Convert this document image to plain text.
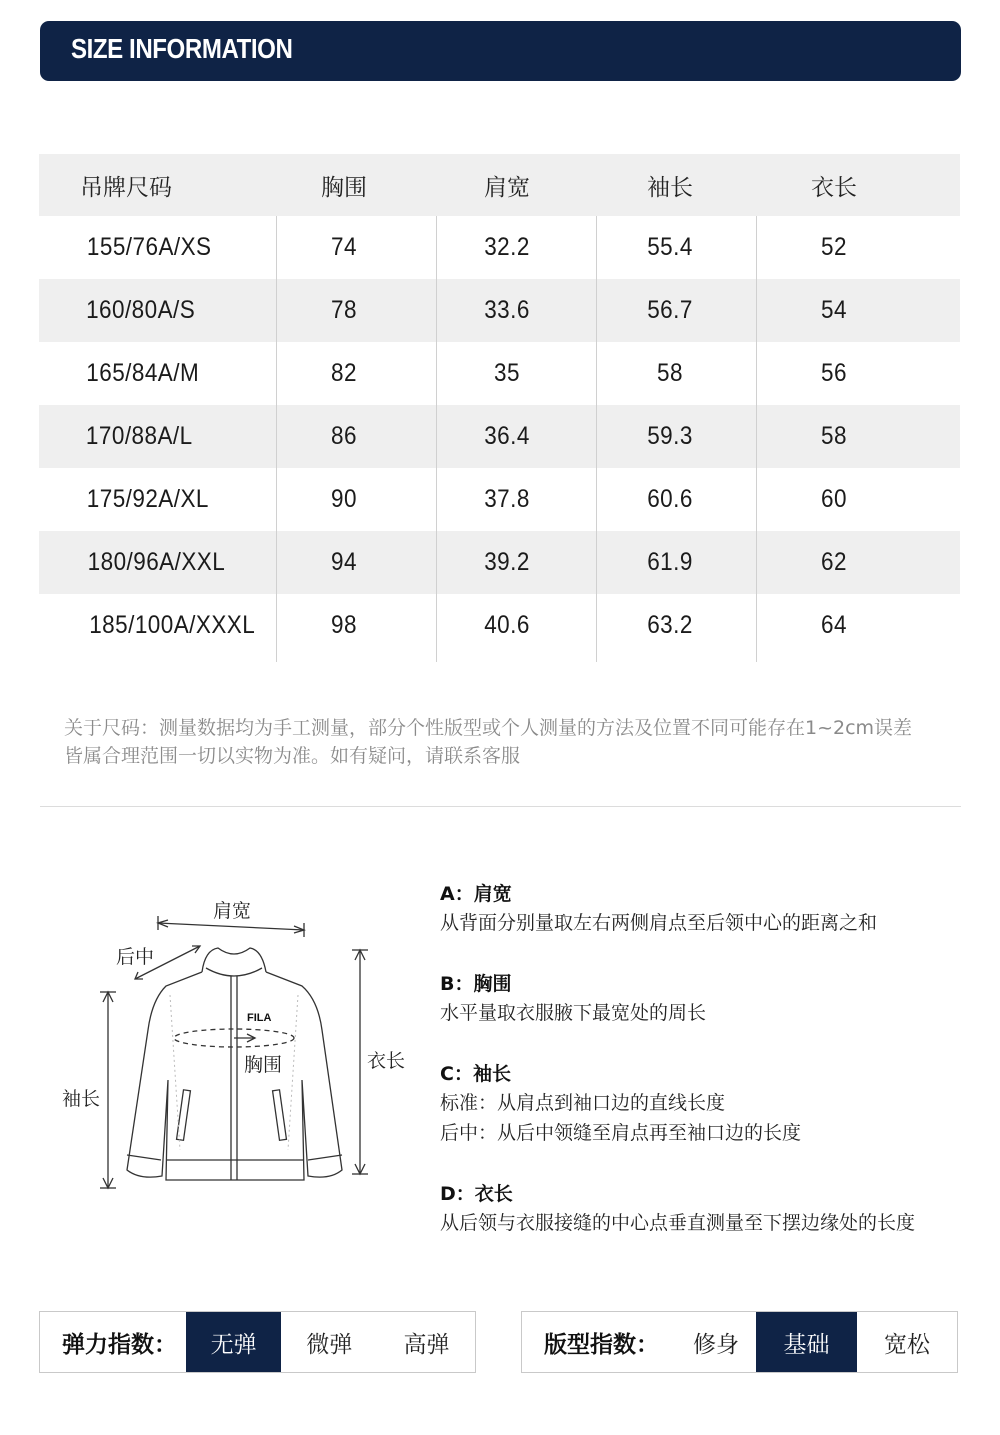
SIZE INFORMATION
吊牌尺码	胸围	肩宽	袖长	衣长
155/76A/XS	74	32.2	55.4	52
160/80A/S	78	33.6	56.7	54
165/84A/M	82	35	58	56
170/88A/L	86	36.4	59.3	58
175/92A/XL	90	37.8	60.6	60
180/96A/XXL	94	39.2	61.9	62
185/100A/XXXL	98	40.6	63.2	64
关于尺码：测量数据均为手工测量，部分个性版型或个人测量的方法及位置不同可能存在1~2cm误差
皆属合理范围一切以实物为准。如有疑问，请联系客服
FILA
肩宽
后中
胸围
袖长
衣长
A：肩宽
从背面分别量取左右两侧肩点至后领中心的距离之和
B：胸围
水平量取衣服腋下最宽处的周长
C：袖长
标准：从肩点到袖口边的直线长度
后中：从后中领缝至肩点再至袖口边的长度
D：衣长
从后领与衣服接缝的中心点垂直测量至下摆边缘处的长度
弹力指数：	无弹	微弹	高弹	版型指数：	修身	基础	宽松
